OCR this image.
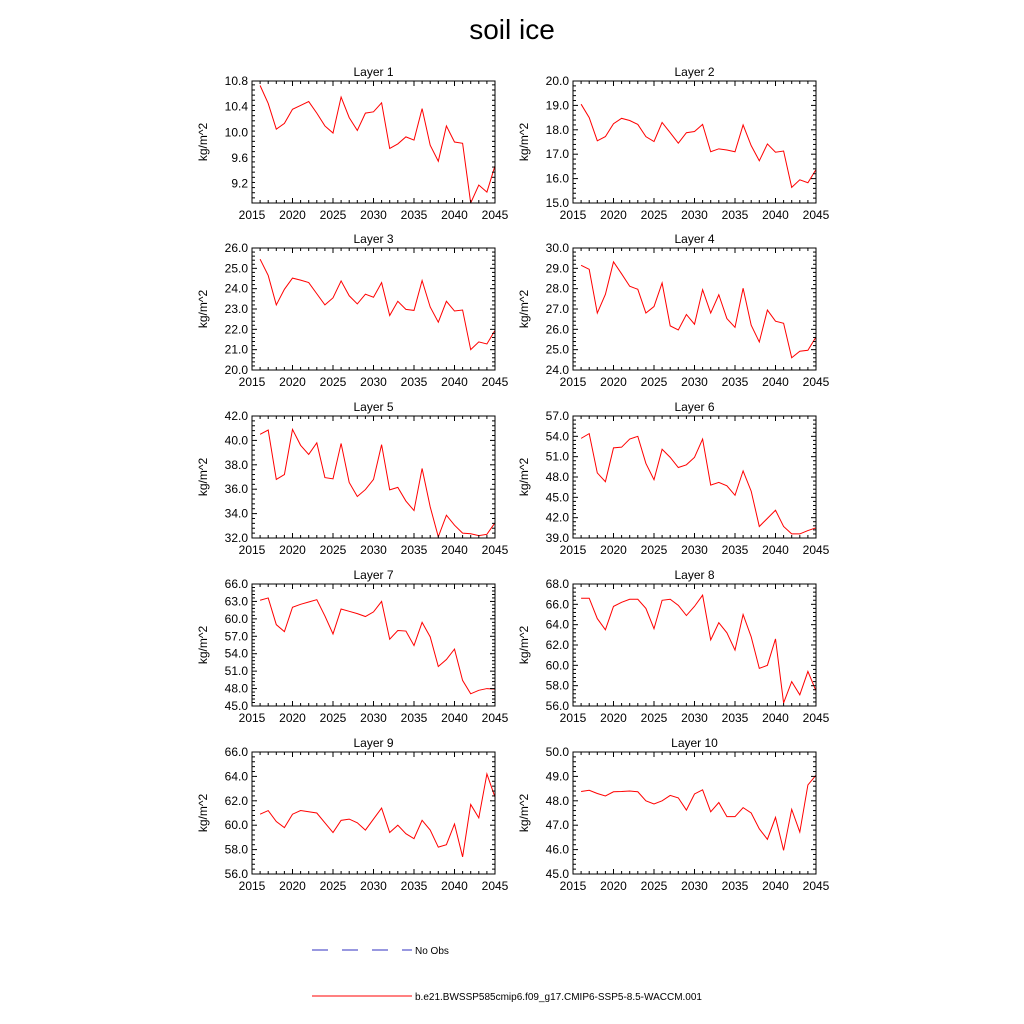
soil ice
Layer 1
kg/m^2
2015 2020 2025 2030 2035 2040 2045
9.2
9.6
10.0
10.4
10.8
Layer 2
kg/m^2
2015 2020 2025 2030 2035 2040 2045
15.0
16.0
17.0
18.0
19.0
20.0
Layer 3
kg/m^2
2015 2020 2025 2030 2035 2040 2045
20.0
21.0
22.0
23.0
24.0
25.0
26.0
Layer 4
kg/m^2
2015 2020 2025 2030 2035 2040 2045
24.0
25.0
26.0
27.0
28.0
29.0
30.0
Layer 5
kg/m^2
2015 2020 2025 2030 2035 2040 2045
32.0
34.0
36.0
38.0
40.0
42.0
Layer 6
kg/m^2
2015 2020 2025 2030 2035 2040 2045
39.0
42.0
45.0
48.0
51.0
54.0
57.0
Layer 7
kg/m^2
2015 2020 2025 2030 2035 2040 2045
45.0
48.0
51.0
54.0
57.0
60.0
63.0
66.0
Layer 8
kg/m^2
2015 2020 2025 2030 2035 2040 2045
56.0
58.0
60.0
62.0
64.0
66.0
68.0
Layer 9
kg/m^2
2015 2020 2025 2030 2035 2040 2045
56.0
58.0
60.0
62.0
64.0
66.0
Layer 10
kg/m^2
2015 2020 2025 2030 2035 2040 2045
45.0
46.0
47.0
48.0
49.0
50.0
No Obs
b.e21.BWSSP585cmip6.f09_g17.CMIP6-SSP5-8.5-WACCM.001
